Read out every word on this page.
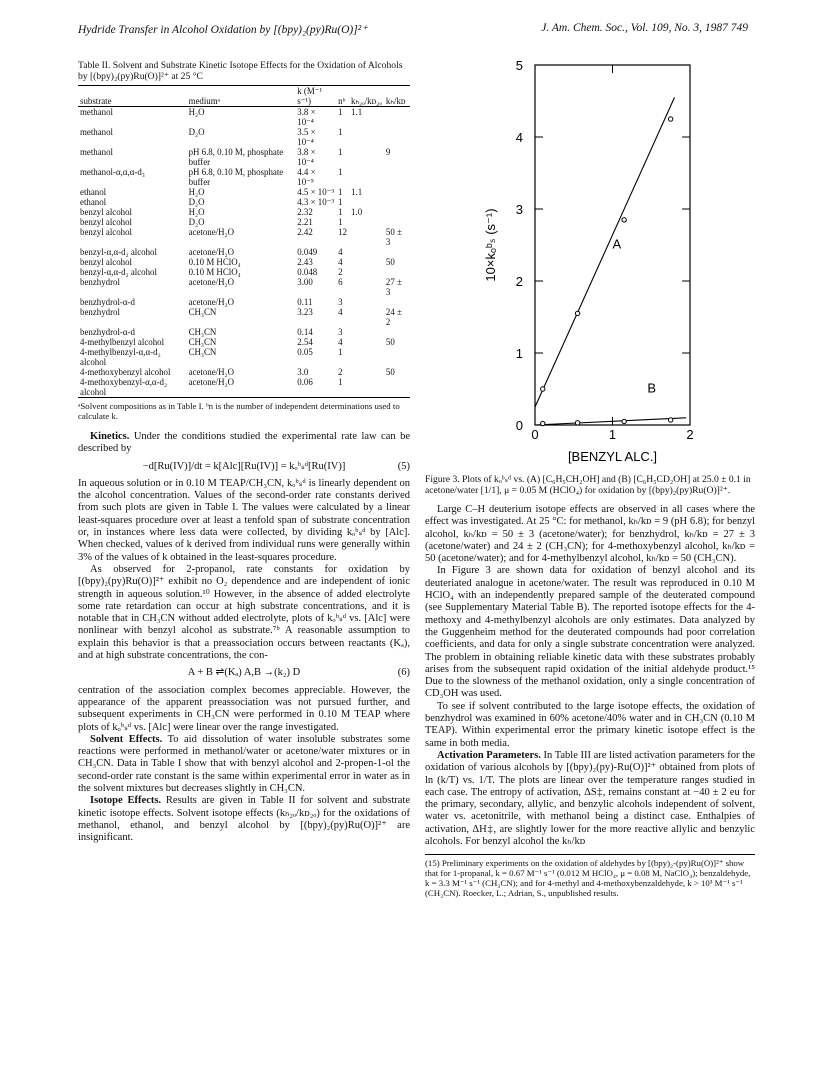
Hydride Transfer in Alcohol Oxidation by [(bpy)₂(py)Ru(O)]²⁺	J. Am. Chem. Soc., Vol. 109, No. 3, 1987 749
Table II. Solvent and Substrate Kinetic Isotope Effects for the Oxidation of Alcohols by [(bpy)₂(py)Ru(O)]²⁺ at 25 °C
substrate	mediumᵃ	k (M⁻¹ s⁻¹)	nᵇ	kₕ₂ₒ/kᴅ₂ₒ	kₕ/kᴅ
methanol	H₂O	3.8 × 10⁻⁴	1	1.1	
methanol	D₂O	3.5 × 10⁻⁴	1		
methanol	pH 6.8, 0.10 M, phosphate buffer	3.8 × 10⁻⁴	1		9
methanol-α,α,α-d₃	pH 6.8, 0.10 M, phosphate buffer	4.4 × 10⁻⁵	1		
ethanol	H₂O	4.5 × 10⁻³	1	1.1	
ethanol	D₂O	4.3 × 10⁻³	1		
benzyl alcohol	H₂O	2.32	1	1.0	
benzyl alcohol	D₂O	2.21	1		
benzyl alcohol	acetone/H₂O	2.42	12		50 ± 3
benzyl-α,α-d₂ alcohol	acetone/H₂O	0.049	4		
benzyl alcohol	0.10 M HClO₄	2.43	4		50
benzyl-α,α-d₂ alcohol	0.10 M HClO₄	0.048	2		
benzhydrol	acetone/H₂O	3.00	6		27 ± 3
benzhydrol-α-d	acetone/H₂O	0.11	3		
benzhydrol	CH₃CN	3.23	4		24 ± 2
benzhydrol-α-d	CH₃CN	0.14	3		
4-methylbenzyl alcohol	CH₃CN	2.54	4		50
4-methylbenzyl-α,α-d₂ alcohol	CH₃CN	0.05	1		
4-methoxybenzyl alcohol	acetone/H₂O	3.0	2		50
4-methoxybenzyl-α,α-d₂ alcohol	acetone/H₂O	0.06	1		
ᵃSolvent compositions as in Table I. ᵇn is the number of independent determinations used to calculate k.

Kinetics. Under the conditions studied the experimental rate law can be described by

−d[Ru(IV)]/dt = k[Alc][Ru(IV)] = kₒᵇₛᵈ[Ru(IV)]	(5)

In aqueous solution or in 0.10 M TEAP/CH₃CN, kₒᵇₛᵈ is linearly dependent on the alcohol concentration. Values of the second-order rate constants derived from such plots are given in Table I. The values were calculated by a linear least-squares procedure over at least a tenfold span of substrate concentration or, in instances where less data were collected, by dividing kₒᵇₛᵈ by [Alc]. When checked, values of k derived from individual runs were generally within 3% of the values of k obtained in the least-squares procedure.

As observed for 2-propanol, rate constants for oxidation by [(bpy)₂(py)Ru(O)]²⁺ exhibit no O₂ dependence and are independent of ionic strength in aqueous solution.¹⁰ However, in the absence of added electrolyte some rate retardation can occur at high substrate concentrations, and it is notable that in CH₃CN without added electrolyte, plots of kₒᵇₛᵈ vs. [Alc] were nonlinear with benzyl alcohol as substrate.⁷ᵇ A reasonable assumption to explain this behavior is that a preassociation occurs between reactants (Kₐ), and at high substrate concentrations, the con-

A + B ⇌(Kₐ) A,B →(k₂) D	(6)

centration of the association complex becomes appreciable. However, the appearance of the apparent preassociation was not pursued further, and subsequent experiments in CH₃CN were performed in 0.10 M TEAP where plots of kₒᵇₛᵈ vs. [Alc] were linear over the range investigated.

Solvent Effects. To aid dissolution of water insoluble substrates some reactions were performed in methanol/water or acetone/water mixtures or in CH₃CN. Data in Table I show that with benzyl alcohol and 2-propen-1-ol the second-order rate constant is the same within experimental error in water as in the solvent mixtures but decreases slightly in CH₃CN.

Isotope Effects. Results are given in Table II for solvent and substrate kinetic isotope effects. Solvent isotope effects (kₕ₂ₒ/kᴅ₂ₒ) for the oxidations of methanol, ethanol, and benzyl alcohol by [(bpy)₂(py)Ru(O)]²⁺ are insignificant.

0
1
2
3
4
5
0	1	2
[BENZYL ALC.]
10×kₒᵇₛ (s⁻¹)	A
B
Figure 3. Plots of kₒᵇₛᵈ vs. (A) [C₆H₅CH₂OH] and (B) [C₆H₅CD₂OH] at 25.0 ± 0.1 in acetone/water [1/1], μ = 0.05 M (HClO₄) for oxidation by [(bpy)₂(py)Ru(O)]²⁺.

Large C–H deuterium isotope effects are observed in all cases where the effect was investigated. At 25 °C: for methanol, kₕ/kᴅ = 9 (pH 6.8); for benzyl alcohol, kₕ/kᴅ = 50 ± 3 (acetone/water); for benzhydrol, kₕ/kᴅ = 27 ± 3 (acetone/water) and 24 ± 2 (CH₃CN); for 4-methoxybenzyl alcohol, kₕ/kᴅ = 50 (acetone/water); and for 4-methylbenzyl alcohol, kₕ/kᴅ = 50 (CH₃CN).

In Figure 3 are shown data for oxidation of benzyl alcohol and its deuteriated analogue in acetone/water. The result was reproduced in 0.10 M HClO₄ with an independently prepared sample of the deuterated compound (see Supplementary Material Table B). The reported isotope effects for the 4-methoxy and 4-methylbenzyl alcohols are only estimates. Data analyzed by the Guggenheim method for the deuterated compounds had poor correlation coefficients, and data for only a single substrate concentration were analyzed. The problem in obtaining reliable kinetic data with these substrates probably arises from the subsequent rapid oxidation of the initial aldehyde product.¹⁵ Due to the slowness of the methanol oxidation, only a single concentration of CD₃OH was used.

To see if solvent contributed to the large isotope effects, the oxidation of benzhydrol was examined in 60% acetone/40% water and in CH₃CN (0.10 M TEAP). Within experimental error the primary kinetic isotope effect is the same in both media.

Activation Parameters. In Table III are listed activation parameters for the oxidation of various alcohols by [(bpy)₂(py)-Ru(O)]²⁺ obtained from plots of ln (k/T) vs. 1/T. The plots are linear over the temperature ranges studied in each case. The entropy of activation, ΔS‡, remains constant at −40 ± 2 eu for the primary, secondary, allylic, and benzylic alcohols independent of solvent, water vs. acetonitrile, with methanol being a distinct case. Enthalpies of activation, ΔH‡, are slightly lower for the more reactive allylic and benzylic alcohols. For benzyl alcohol the kₕ/kᴅ

(15) Preliminary experiments on the oxidation of aldehydes by [(bpy)₂-(py)Ru(O)]²⁺ show that for 1-propanal, k = 0.67 M⁻¹ s⁻¹ (0.012 M HClO₄, μ = 0.08 M, NaClO₄); benzaldehyde, k = 3.3 M⁻¹ s⁻¹ (CH₃CN); and for 4-methyl and 4-methoxybenzaldehyde, k > 10³ M⁻¹ s⁻¹ (CH₃CN). Roecker, L.; Adrian, S., unpublished results.
